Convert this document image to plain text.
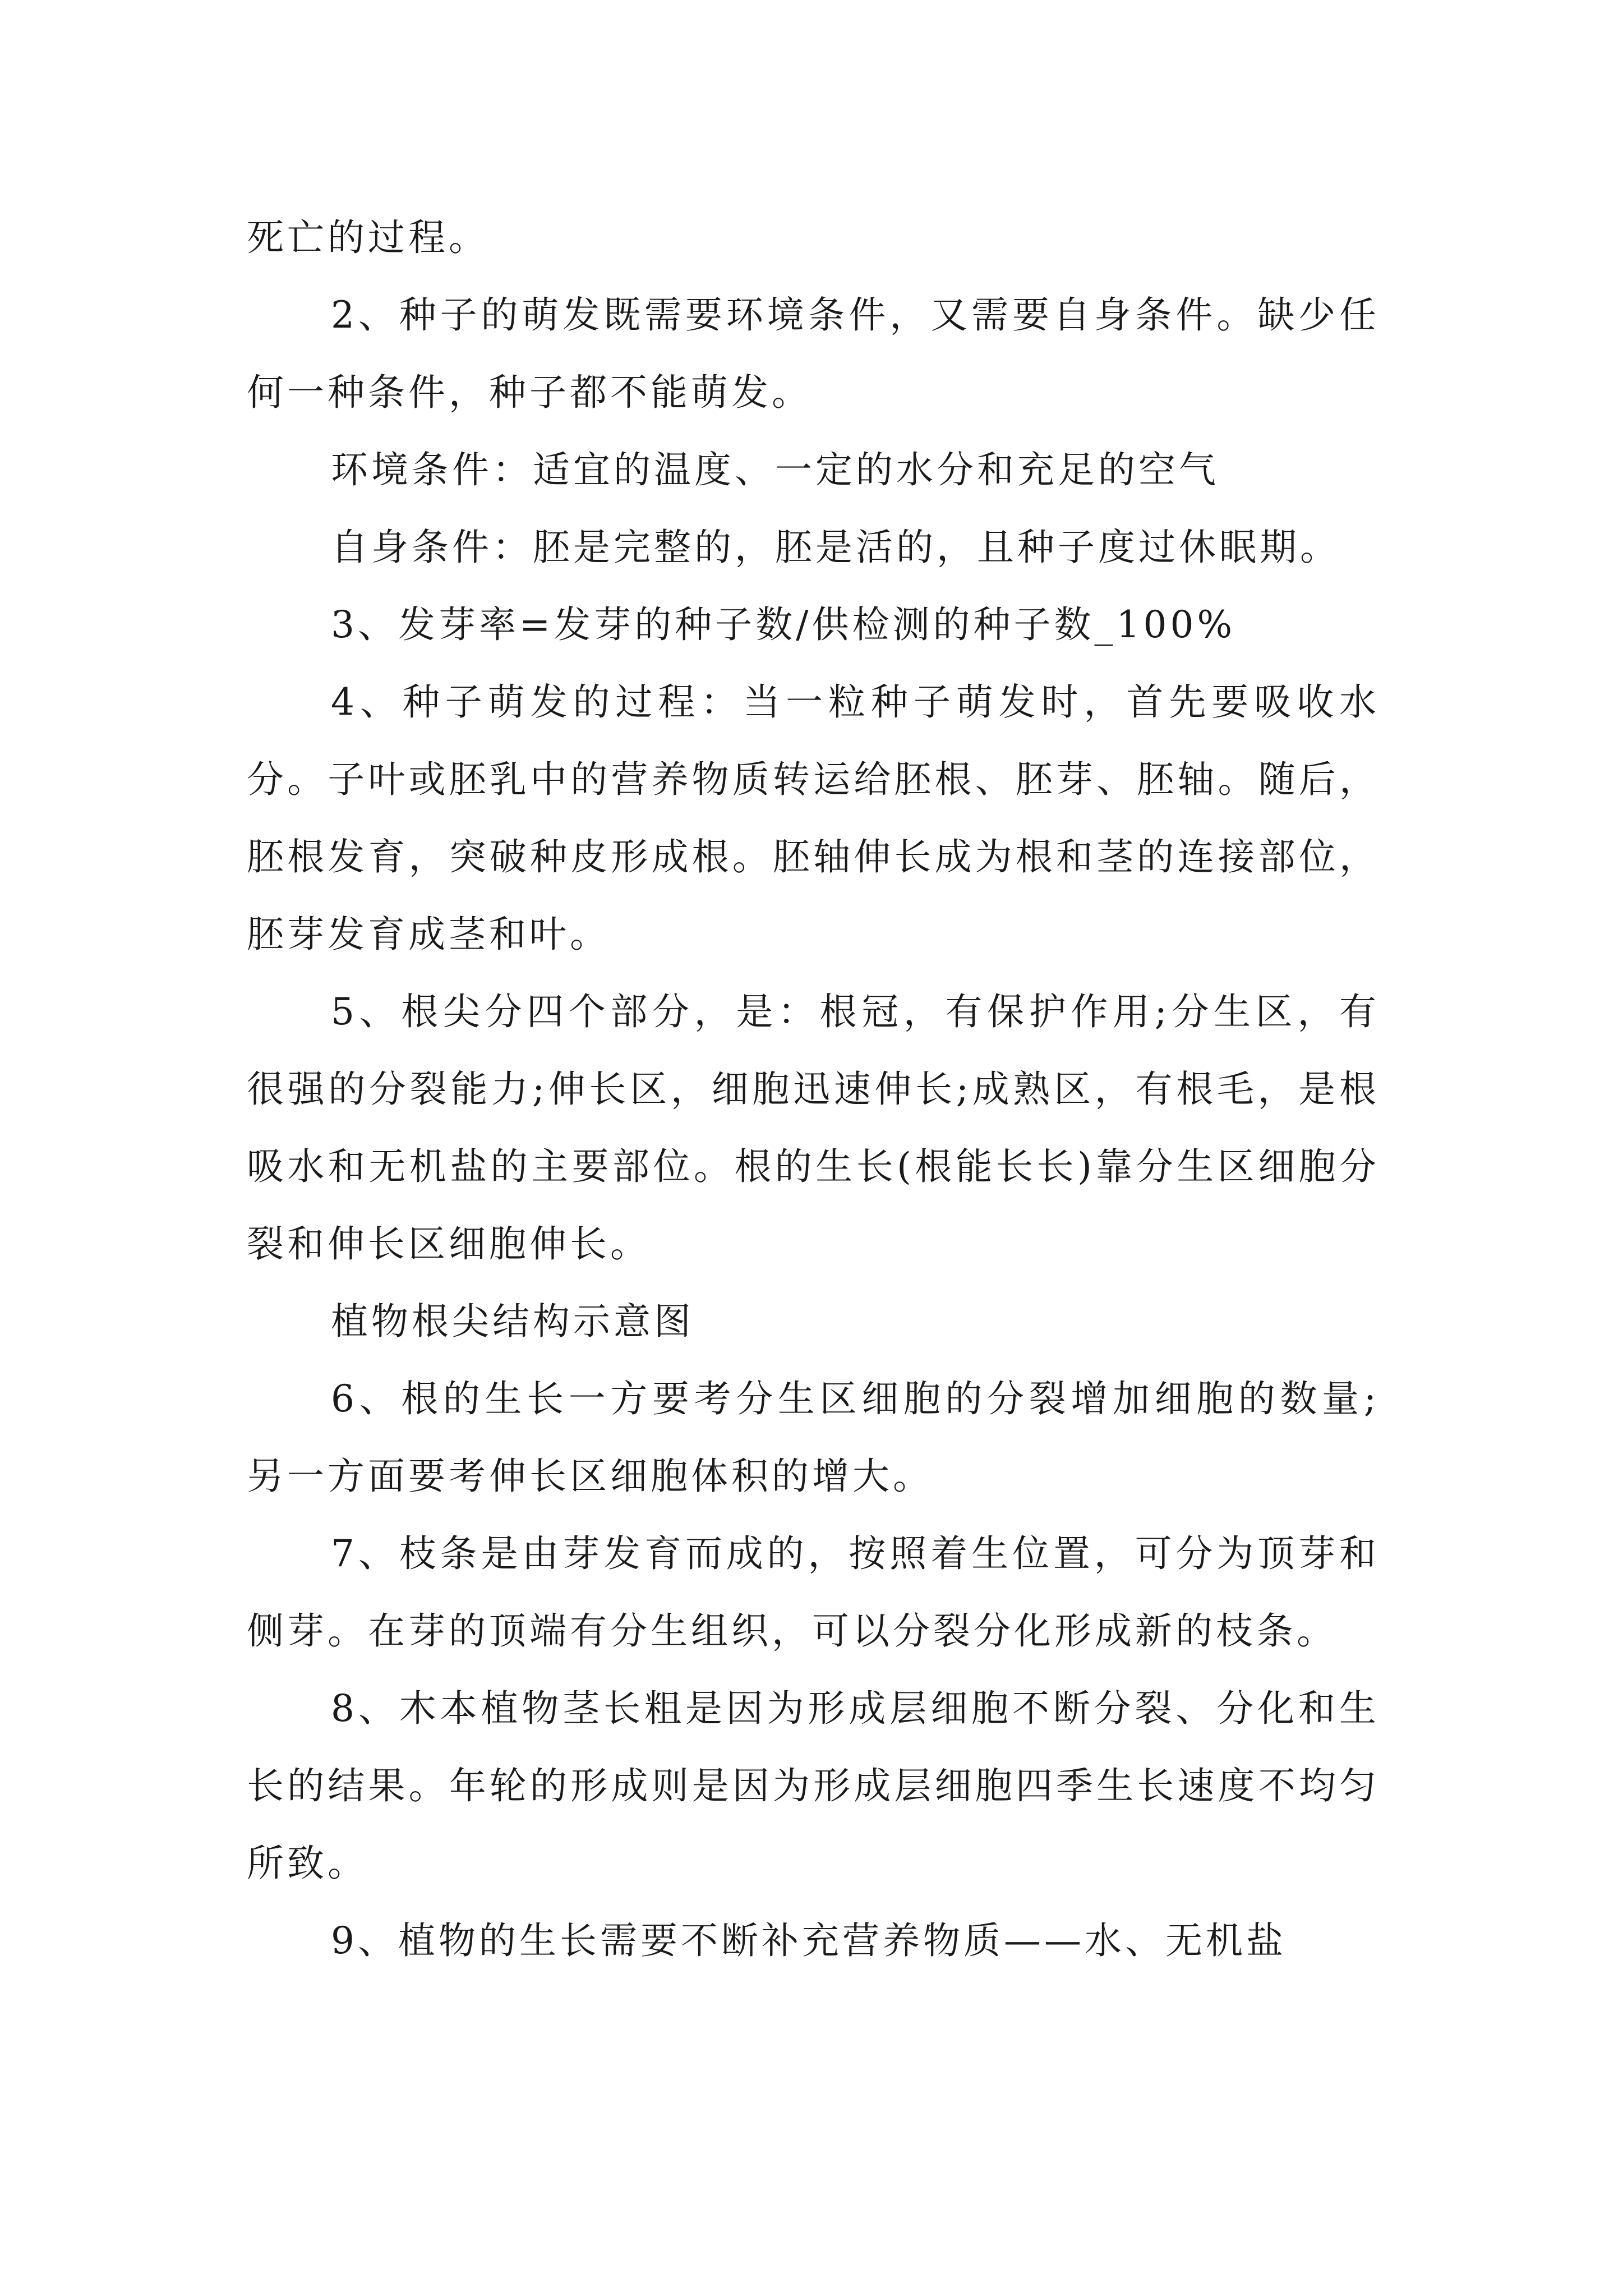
死亡的过程。

2、种子的萌发既需要环境条件，又需要自身条件。缺少任何一种条件，种子都不能萌发。

环境条件：适宜的温度、一定的水分和充足的空气

自身条件：胚是完整的，胚是活的，且种子度过休眠期。

3、发芽率=发芽的种子数/供检测的种子数_100%

4、种子萌发的过程：当一粒种子萌发时，首先要吸收水分。子叶或胚乳中的营养物质转运给胚根、胚芽、胚轴。随后，胚根发育，突破种皮形成根。胚轴伸长成为根和茎的连接部位，胚芽发育成茎和叶。

5、根尖分四个部分，是：根冠，有保护作用;分生区，有很强的分裂能力;伸长区，细胞迅速伸长;成熟区，有根毛，是根吸水和无机盐的主要部位。根的生长(根能长长)靠分生区细胞分裂和伸长区细胞伸长。

植物根尖结构示意图

6、根的生长一方要考分生区细胞的分裂增加细胞的数量;另一方面要考伸长区细胞体积的增大。

7、枝条是由芽发育而成的，按照着生位置，可分为顶芽和侧芽。在芽的顶端有分生组织，可以分裂分化形成新的枝条。

8、木本植物茎长粗是因为形成层细胞不断分裂、分化和生长的结果。年轮的形成则是因为形成层细胞四季生长速度不均匀所致。

9、植物的生长需要不断补充营养物质——水、无机盐
